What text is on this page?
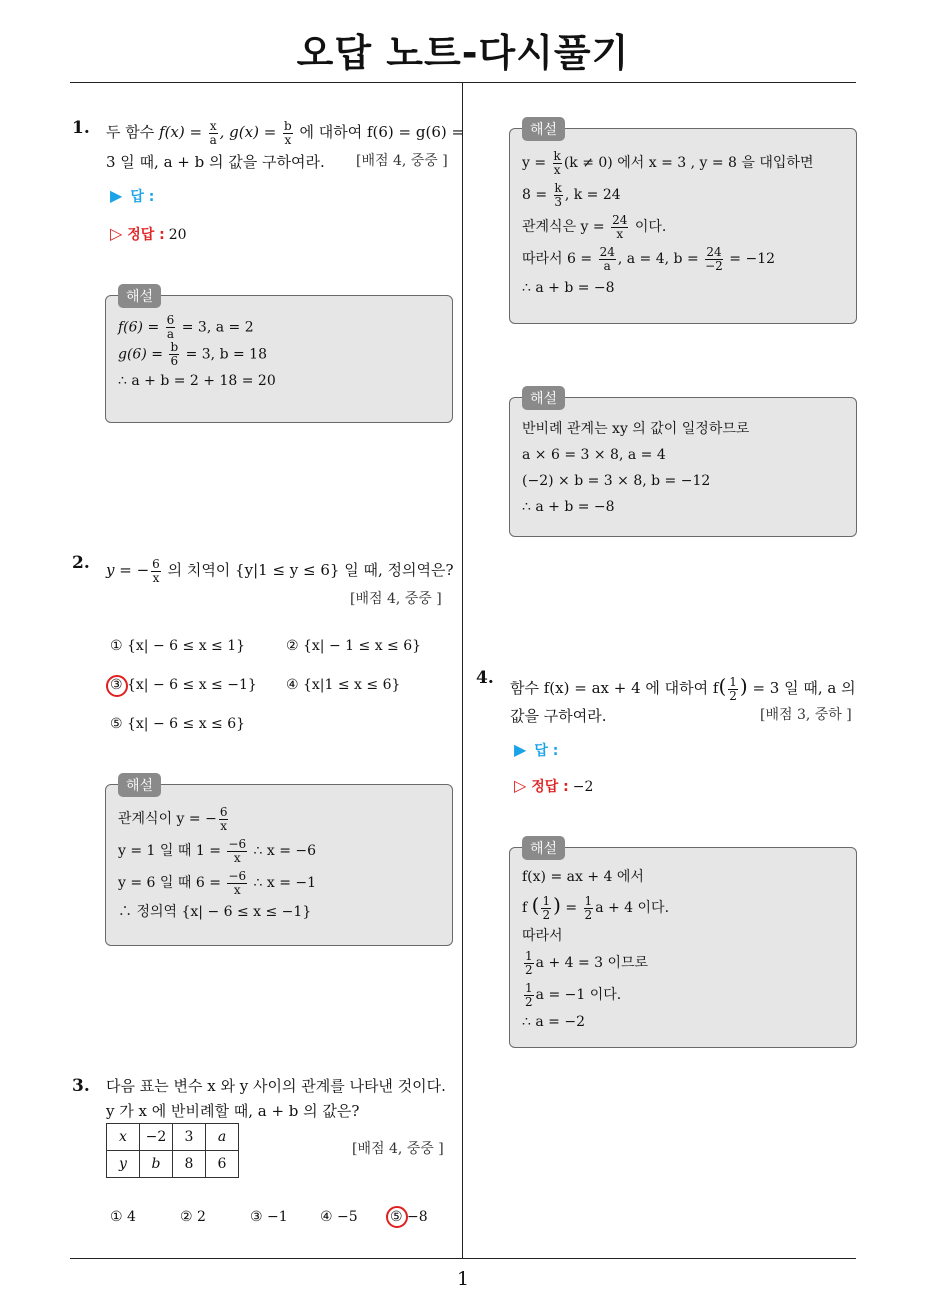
오답 노트-다시풀기
1
1. 두 함수 $f(x) = \frac{x}{a}$ , $g(x) = \frac{b}{x}$ 에 대하여 f(6) = g(6) =
3 일 때, a + b 의 값을 구하여라. [배점 4, 중중 ]
▶ 답 :
▷ 정답 : 20
해설
$f(6) = \frac{6}{a} = 3$, a = 2
$g(6) = \frac{b}{6} = 3$, b = 18
∴ a + b = 2 + 18 = 20
2. y = − $\frac{6}{x}$ 의 치역이 {y|1 ≤ y ≤ 6} 일 때, 정의역은?
[배점 4, 중중 ]
① {x| − 6 ≤ x ≤ 1}	② {x| − 1 ≤ x ≤ 6}
③ {x| − 6 ≤ x ≤ −1} ④ {x|1 ≤ x ≤ 6}
⑤ {x| − 6 ≤ x ≤ 6}
해설
관계식이 y = − $\frac{6}{x}$
y = 1 일 때 $1 = \frac{-6}{x}$ ∴ x = −6
y = 6 일 때 $6 = \frac{-6}{x}$ ∴ x = −1
∴ 정의역 {x| − 6 ≤ x ≤ −1}
3. 다음 표는 변수 x 와 y 사이의 관계를 나타낸 것이다.
y 가 x 에 반비례할 때, a + b 의 값은?
x	−2	3	a
y	b	8	6
[배점 4, 중중 ]
① 4	② 2	③ −1 ④ −5 ⑤ −8
해설
$y = \frac{k}{x} (k \ne 0)$ 에서 x = 3 , y = 8 을 대입하면
$8 = \frac{k}{3}$ , k = 24
관계식은 $y = \frac{24}{x}$ 이다.
따라서 $6 = \frac{24}{a}$ , a = 4, $b = \frac{24}{-2} = -12$
∴ a + b = −8
해설
반비례 관계는 xy 의 값이 일정하므로
a × 6 = 3 × 8, a = 4
(−2) × b = 3 × 8, b = −12
∴ a + b = −8
4. 함수 f(x) = ax + 4 에 대하여 $f( \frac{1}{2}$ ) = 3 일 때, a 의
값을 구하여라.	[배점 3, 중하 ]
▶ 답 :
▷ 정답 : −2
해설
f(x) = ax + 4 에서
f ( $\frac{1}{2}$ ) = $\frac{1}{2}$ a + 4 이다.
따라서
$\frac{1}{2}$ a + 4 = 3 이므로
$\frac{1}{2}$ a = −1 이다.
∴ a = −2
